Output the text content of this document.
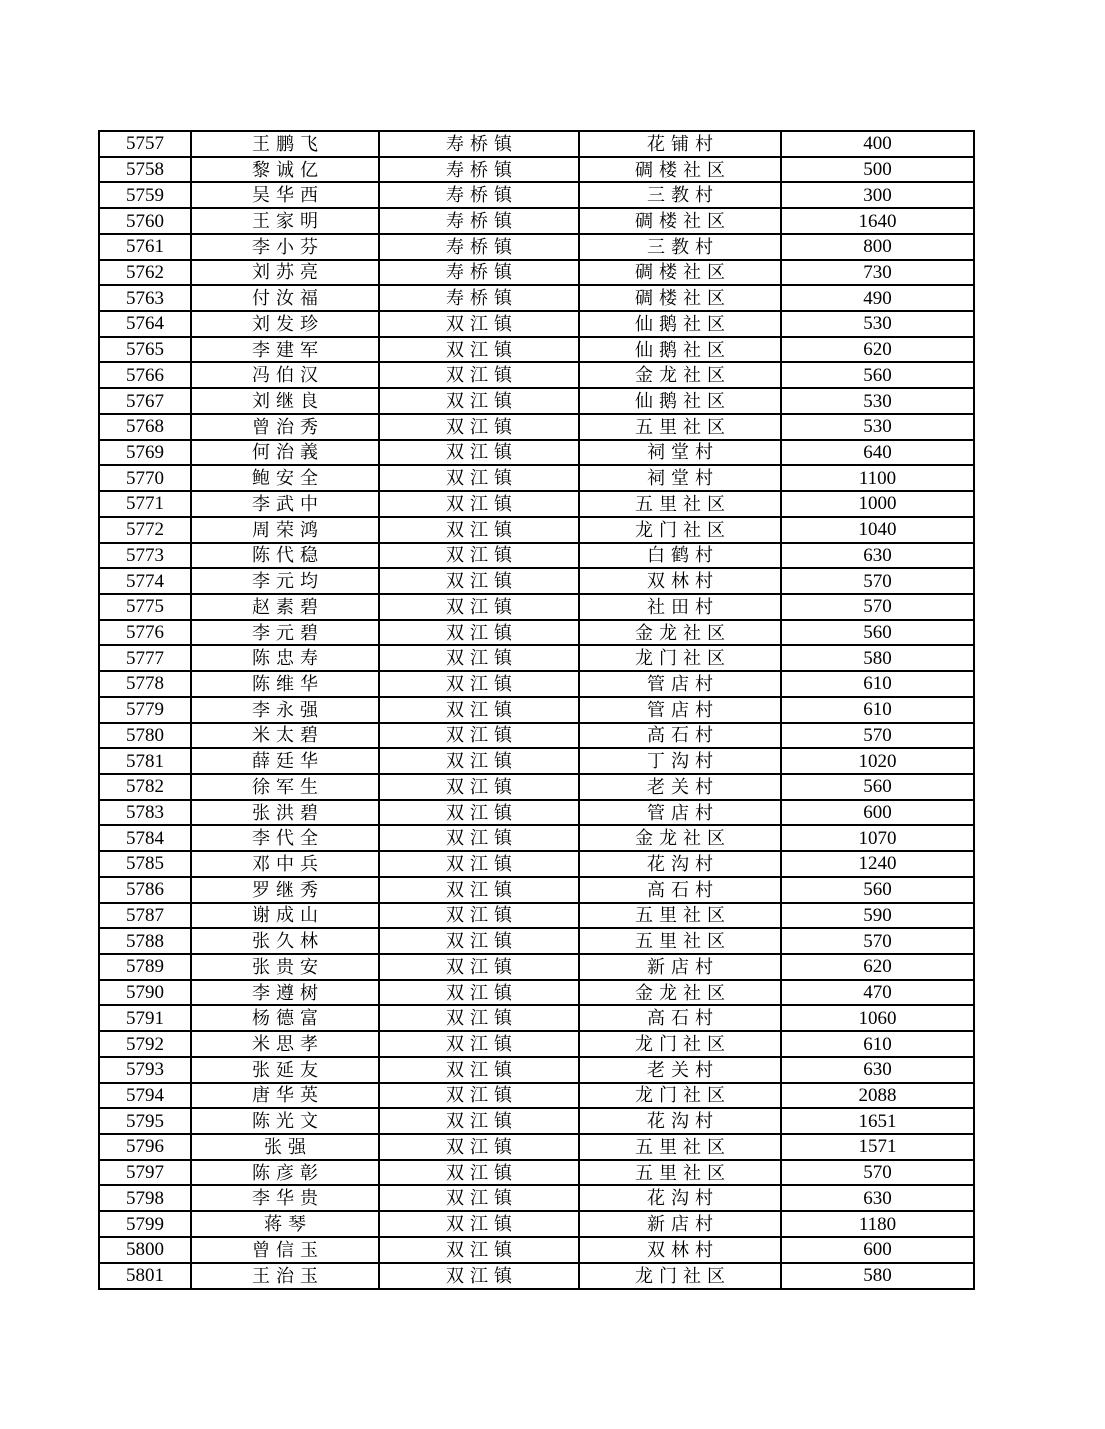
5757	王鹏飞	寿桥镇	花铺村	400
5758	黎诚亿	寿桥镇	碉楼社区	500
5759	吴华西	寿桥镇	三教村	300
5760	王家明	寿桥镇	碉楼社区	1640
5761	李小芬	寿桥镇	三教村	800
5762	刘苏亮	寿桥镇	碉楼社区	730
5763	付汝福	寿桥镇	碉楼社区	490
5764	刘发珍	双江镇	仙鹅社区	530
5765	李建军	双江镇	仙鹅社区	620
5766	冯伯汉	双江镇	金龙社区	560
5767	刘继良	双江镇	仙鹅社区	530
5768	曾治秀	双江镇	五里社区	530
5769	何治義	双江镇	祠堂村	640
5770	鲍安全	双江镇	祠堂村	1100
5771	李武中	双江镇	五里社区	1000
5772	周荣鸿	双江镇	龙门社区	1040
5773	陈代稳	双江镇	白鹤村	630
5774	李元均	双江镇	双林村	570
5775	赵素碧	双江镇	社田村	570
5776	李元碧	双江镇	金龙社区	560
5777	陈忠寿	双江镇	龙门社区	580
5778	陈维华	双江镇	管店村	610
5779	李永强	双江镇	管店村	610
5780	米太碧	双江镇	高石村	570
5781	薛廷华	双江镇	丁沟村	1020
5782	徐军生	双江镇	老关村	560
5783	张洪碧	双江镇	管店村	600
5784	李代全	双江镇	金龙社区	1070
5785	邓中兵	双江镇	花沟村	1240
5786	罗继秀	双江镇	高石村	560
5787	谢成山	双江镇	五里社区	590
5788	张久林	双江镇	五里社区	570
5789	张贵安	双江镇	新店村	620
5790	李遵树	双江镇	金龙社区	470
5791	杨德富	双江镇	高石村	1060
5792	米思孝	双江镇	龙门社区	610
5793	张延友	双江镇	老关村	630
5794	唐华英	双江镇	龙门社区	2088
5795	陈光文	双江镇	花沟村	1651
5796	张强	双江镇	五里社区	1571
5797	陈彦彰	双江镇	五里社区	570
5798	李华贵	双江镇	花沟村	630
5799	蒋琴	双江镇	新店村	1180
5800	曾信玉	双江镇	双林村	600
5801	王治玉	双江镇	龙门社区	580
